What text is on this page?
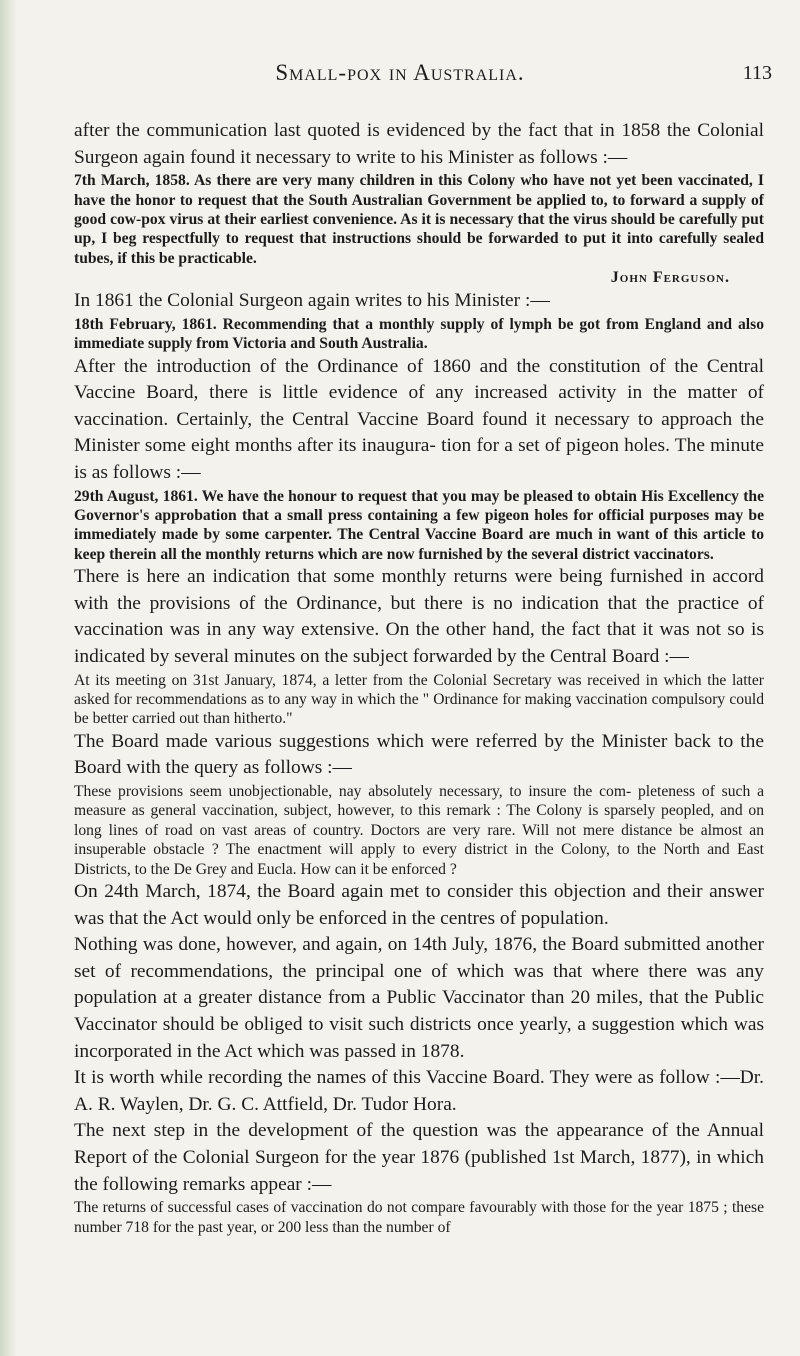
Small-pox in Australia.	113

after the communication last quoted is evidenced by the fact that in 1858 the Colonial Surgeon again found it necessary to write to his Minister as follows :—

7th March, 1858. As there are very many children in this Colony who have not yet been vaccinated, I have the honor to request that the South Australian Government be applied to, to forward a supply of good cow-pox virus at their earliest convenience. As it is necessary that the virus should be carefully put up, I beg respectfully to request that instructions should be forwarded to put it into carefully sealed tubes, if this be practicable.

John Ferguson.

In 1861 the Colonial Surgeon again writes to his Minister :—

18th February, 1861. Recommending that a monthly supply of lymph be got from England and also immediate supply from Victoria and South Australia.

After the introduction of the Ordinance of 1860 and the constitution of the Central Vaccine Board, there is little evidence of any increased activity in the matter of vaccination. Certainly, the Central Vaccine Board found it necessary to approach the Minister some eight months after its inaugura- tion for a set of pigeon holes. The minute is as follows :—

29th August, 1861. We have the honour to request that you may be pleased to obtain His Excellency the Governor's approbation that a small press containing a few pigeon holes for official purposes may be immediately made by some carpenter. The Central Vaccine Board are much in want of this article to keep therein all the monthly returns which are now furnished by the several district vaccinators.

There is here an indication that some monthly returns were being furnished in accord with the provisions of the Ordinance, but there is no indication that the practice of vaccination was in any way extensive. On the other hand, the fact that it was not so is indicated by several minutes on the subject forwarded by the Central Board :—

At its meeting on 31st January, 1874, a letter from the Colonial Secretary was received in which the latter asked for recommendations as to any way in which the " Ordinance for making vaccination compulsory could be better carried out than hitherto."

The Board made various suggestions which were referred by the Minister back to the Board with the query as follows :—

These provisions seem unobjectionable, nay absolutely necessary, to insure the com- pleteness of such a measure as general vaccination, subject, however, to this remark : The Colony is sparsely peopled, and on long lines of road on vast areas of country. Doctors are very rare. Will not mere distance be almost an insuperable obstacle ? The enactment will apply to every district in the Colony, to the North and East Districts, to the De Grey and Eucla. How can it be enforced ?

On 24th March, 1874, the Board again met to consider this objection and their answer was that the Act would only be enforced in the centres of population.

Nothing was done, however, and again, on 14th July, 1876, the Board submitted another set of recommendations, the principal one of which was that where there was any population at a greater distance from a Public Vaccinator than 20 miles, that the Public Vaccinator should be obliged to visit such districts once yearly, a suggestion which was incorporated in the Act which was passed in 1878.

It is worth while recording the names of this Vaccine Board. They were as follow :—Dr. A. R. Waylen, Dr. G. C. Attfield, Dr. Tudor Hora.

The next step in the development of the question was the appearance of the Annual Report of the Colonial Surgeon for the year 1876 (published 1st March, 1877), in which the following remarks appear :—

The returns of successful cases of vaccination do not compare favourably with those for the year 1875 ; these number 718 for the past year, or 200 less than the number of
